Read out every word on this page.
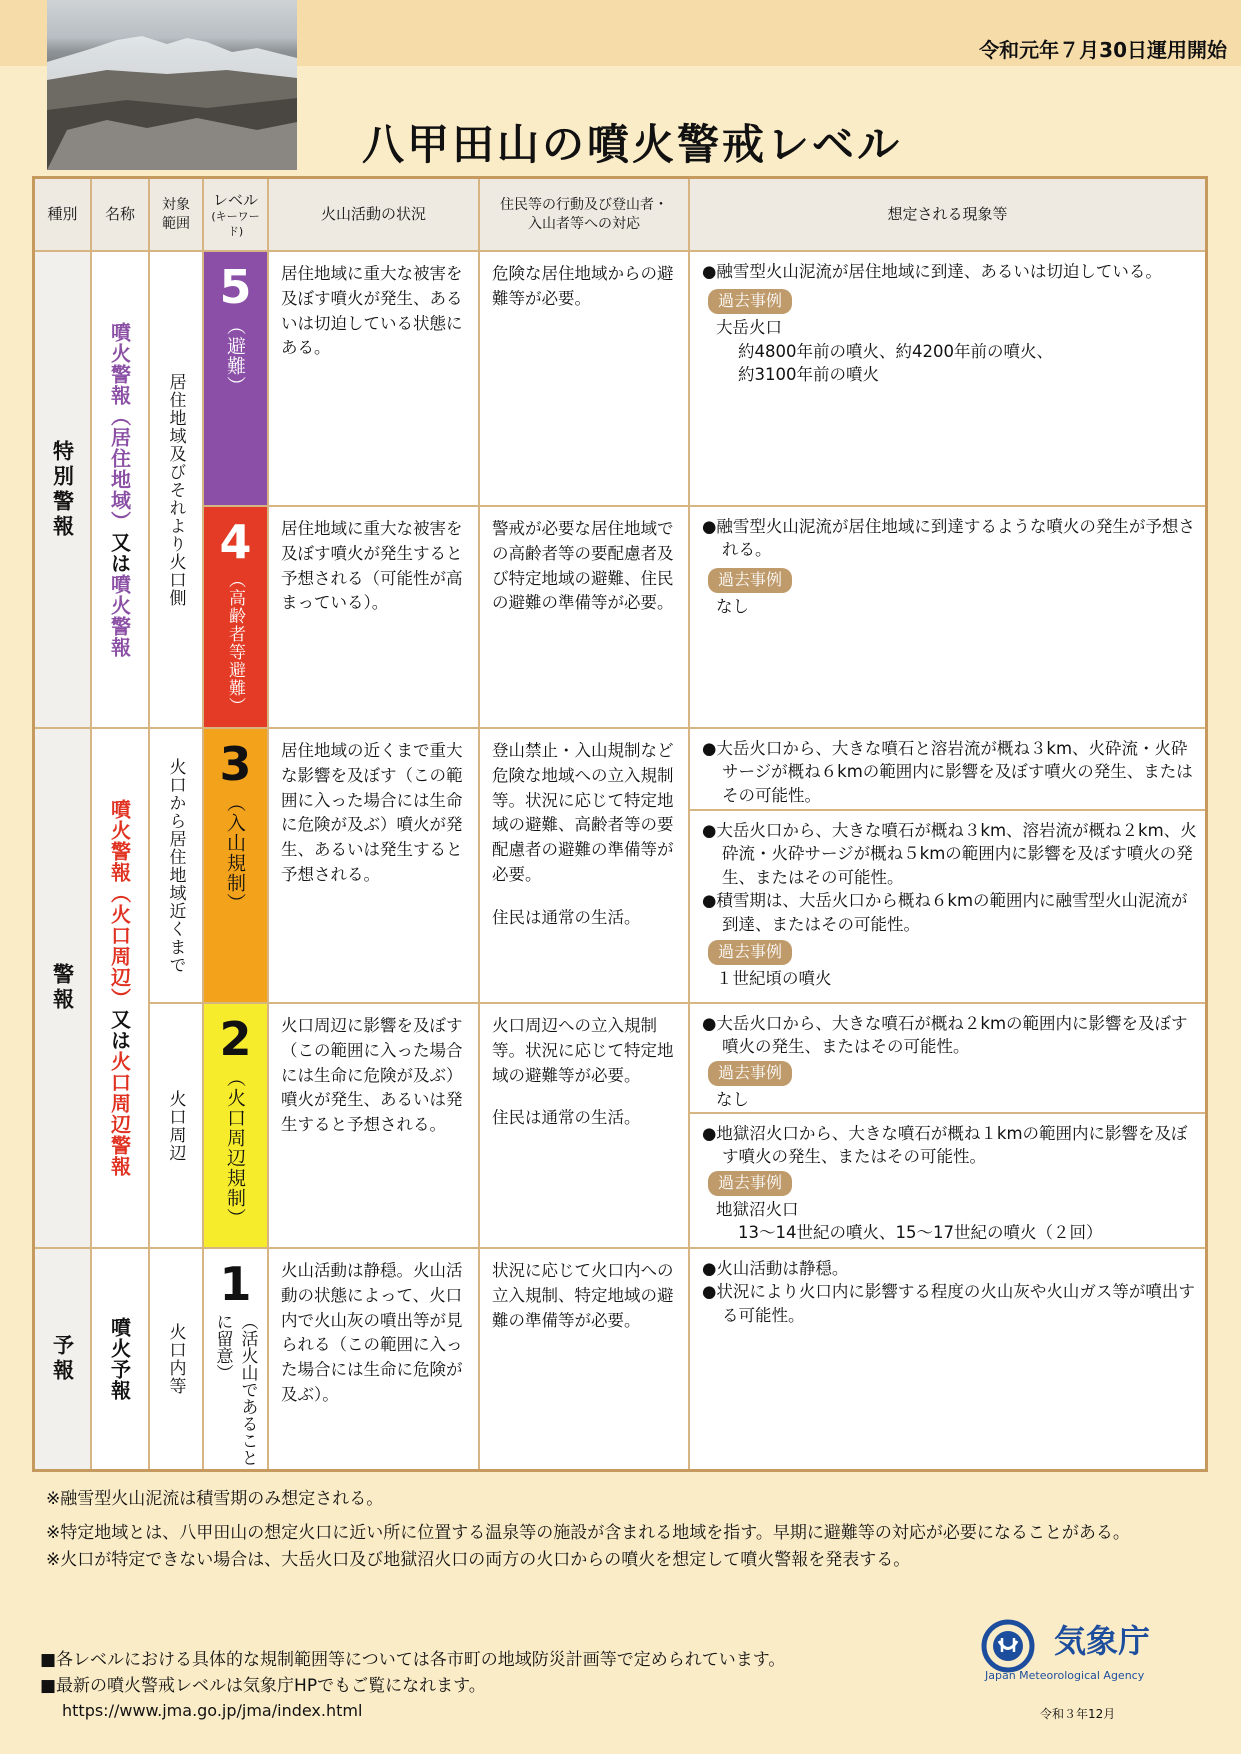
令和元年７月30日運用開始
八甲田山の噴火警戒レベル
種別	名称
対象範囲
レベル
(キーワード)
火山活動の状況
住民等の行動及び登山者・入山者等への対応
想定される現象等
特別警報
警報
予報
噴火警報（居住地域）又は噴火警報
噴火警報（火口周辺）又は火口周辺警報
噴火予報
居住地域及びそれより火口側
火口から居住地域近くまで
火口周辺
火口内等
5
（避難）
居住地域に重大な被害を及ぼす噴火が発生、あるいは切迫している状態にある。
危険な居住地域からの避難等が必要。
●融雪型火山泥流が居住地域に到達、あるいは切迫している。
過去事例
大岳火口
約4800年前の噴火、約4200年前の噴火、
約3100年前の噴火
4
（高齢者等避難）
居住地域に重大な被害を及ぼす噴火が発生すると予想される（可能性が高まっている）。
警戒が必要な居住地域での高齢者等の要配慮者及び特定地域の避難、住民の避難の準備等が必要。
●融雪型火山泥流が居住地域に到達するような噴火の発生が予想される。
過去事例
なし
3
（入山規制）
居住地域の近くまで重大な影響を及ぼす（この範囲に入った場合には生命に危険が及ぶ）噴火が発生、あるいは発生すると予想される。
登山禁止・入山規制など危険な地域への立入規制等。状況に応じて特定地域の避難、高齢者等の要配慮者の避難の準備等が必要。
住民は通常の生活。
●大岳火口から、大きな噴石と溶岩流が概ね３km、火砕流・火砕サージが概ね６kmの範囲内に影響を及ぼす噴火の発生、またはその可能性。
●大岳火口から、大きな噴石が概ね３km、溶岩流が概ね２km、火砕流・火砕サージが概ね５kmの範囲内に影響を及ぼす噴火の発生、またはその可能性。
●積雪期は、大岳火口から概ね６kmの範囲内に融雪型火山泥流が到達、またはその可能性。
過去事例
１世紀頃の噴火
2
（火口周辺規制）
火口周辺に影響を及ぼす（この範囲に入った場合には生命に危険が及ぶ）噴火が発生、あるいは発生すると予想される。
火口周辺への立入規制等。状況に応じて特定地域の避難等が必要。
住民は通常の生活。
●大岳火口から、大きな噴石が概ね２kmの範囲内に影響を及ぼす噴火の発生、またはその可能性。
過去事例
なし
●地獄沼火口から、大きな噴石が概ね１kmの範囲内に影響を及ぼす噴火の発生、またはその可能性。
過去事例
地獄沼火口
13～14世紀の噴火、15～17世紀の噴火（２回）
1
（活火山であることに留意）
火山活動は静穏。火山活動の状態によって、火口内で火山灰の噴出等が見られる（この範囲に入った場合には生命に危険が及ぶ）。
状況に応じて火口内への立入規制、特定地域の避難の準備等が必要。
●火山活動は静穏。
●状況により火口内に影響する程度の火山灰や火山ガス等が噴出する可能性。

※融雪型火山泥流は積雪期のみ想定される。

※特定地域とは、八甲田山の想定火口に近い所に位置する温泉等の施設が含まれる地域を指す。早期に避難等の対応が必要になることがある。

※火口が特定できない場合は、大岳火口及び地獄沼火口の両方の火口からの噴火を想定して噴火警報を発表する。

■各レベルにおける具体的な規制範囲等については各市町の地域防災計画等で定められています。
■最新の噴火警戒レベルは気象庁HPでもご覧になれます。
https://www.jma.go.jp/jma/index.html
気象庁
Japan Meteorological Agency
令和３年12月
